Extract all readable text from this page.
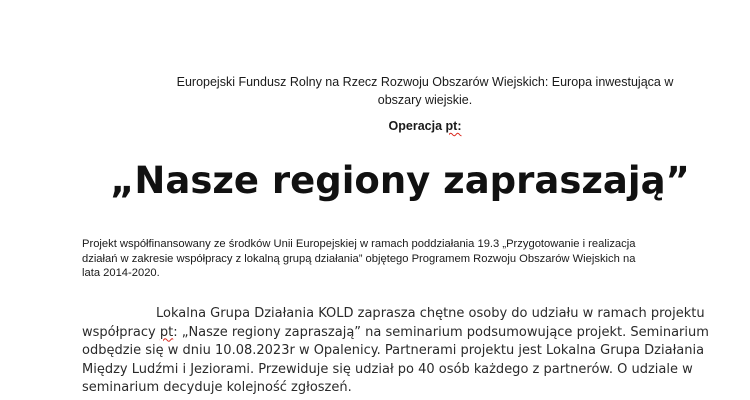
Europejski Fundusz Rolny na Rzecz Rozwoju Obszarów Wiejskich: Europa inwestująca w
obszary wiejskie.
Operacja pt:
„Nasze regiony zapraszają”
Projekt współfinansowany ze środków Unii Europejskiej w ramach poddziałania 19.3 „Przygotowanie i realizacja
działań w zakresie współpracy z lokalną grupą działania” objętego Programem Rozwoju Obszarów Wiejskich na
lata 2014-2020.
Lokalna Grupa Działania KOLD zaprasza chętne osoby do udziału w ramach projektu
współpracy pt: „Nasze regiony zapraszają” na seminarium podsumowujące projekt. Seminarium
odbędzie się w dniu 10.08.2023r w Opalenicy. Partnerami projektu jest Lokalna Grupa Działania
Między Ludźmi i Jeziorami. Przewiduje się udział po 40 osób każdego z partnerów. O udziale w
seminarium decyduje kolejność zgłoszeń.
